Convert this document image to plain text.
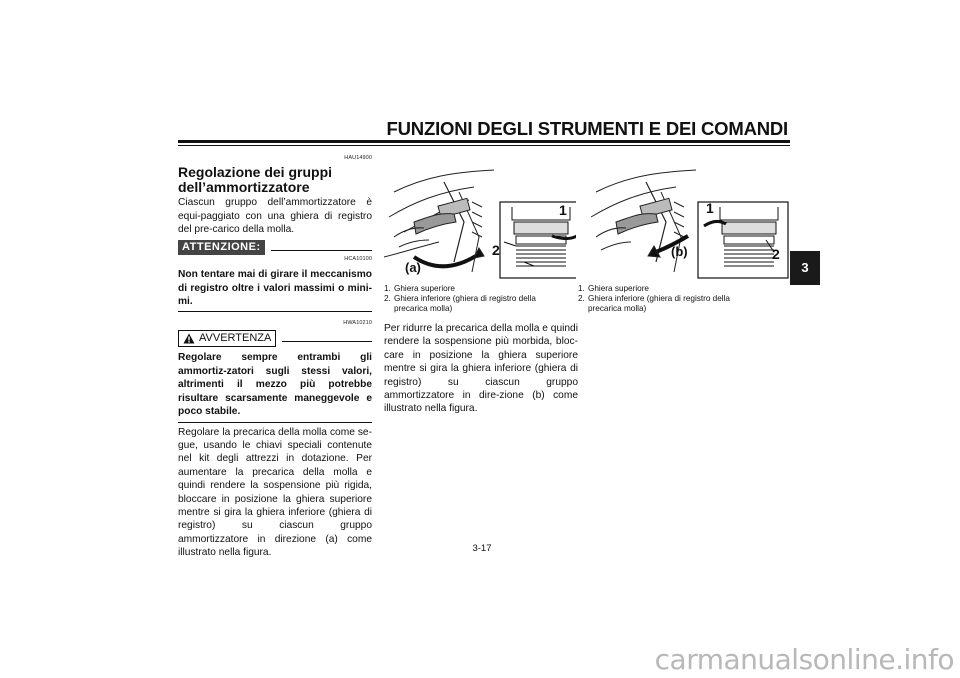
FUNZIONI DEGLI STRUMENTI E DEI COMANDI
3
HAU14900
Regolazione dei gruppi
dell’ammortizzatore

Ciascun gruppo dell’ammortizzatore è equi-paggiato con una ghiera di registro del pre-carico della molla.

ATTENZIONE:
HCA10100

Non tentare mai di girare il meccanismo di registro oltre i valori massimi o mini-mi.

HWA10210
AVVERTENZA

Regolare sempre entrambi gli ammortiz-zatori sugli stessi valori, altrimenti il mezzo più potrebbe risultare scarsamente maneggevole e poco stabile.

Regolare la precarica della molla come se-gue, usando le chiavi speciali contenute nel kit degli attrezzi in dotazione. Per aumentare la precarica della molla e quindi rendere la sospensione più rigida, bloccare in posizione la ghiera superiore mentre si gira la ghiera inferiore (ghiera di registro) su ciascun gruppo ammortizzatore in direzione (a) come illustrato nella figura.

1
2
(a)
1
2
(b)
1. Ghiera superiore
2. Ghiera inferiore (ghiera di registro della
precarica molla)
1. Ghiera superiore
2. Ghiera inferiore (ghiera di registro della
precarica molla)

Per ridurre la precarica della molla e quindi rendere la sospensione più morbida, bloc-care in posizione la ghiera superiore mentre si gira la ghiera inferiore (ghiera di registro) su ciascun gruppo ammortizzatore in dire-zione (b) come illustrato nella figura.

3-17
carmanualsonline.info
